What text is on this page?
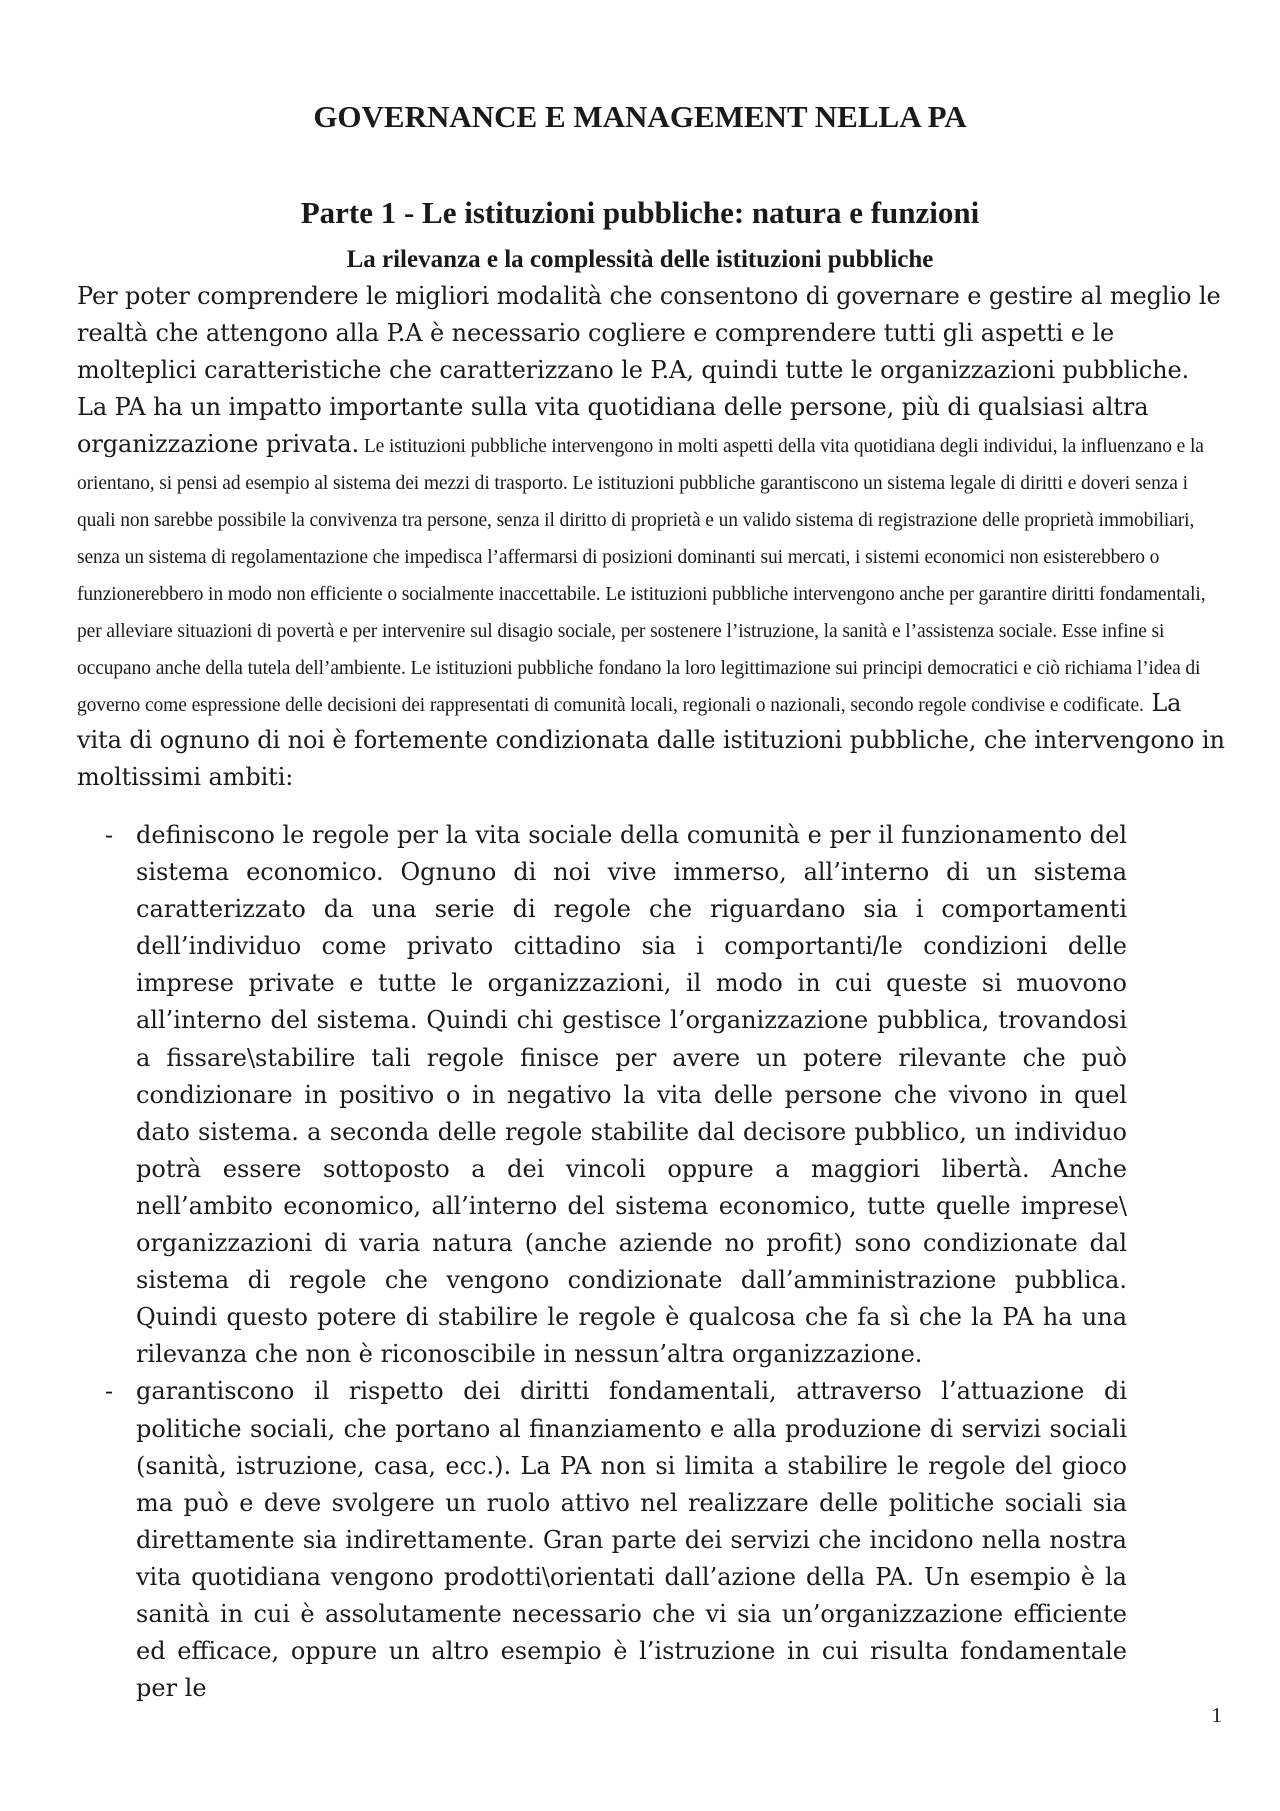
GOVERNANCE E MANAGEMENT NELLA PA
Parte 1 - Le istituzioni pubbliche: natura e funzioni
La rilevanza e la complessità delle istituzioni pubbliche

Per poter comprendere le migliori modalità che consentono di governare e gestire al meglio le realtà che attengono alla P.A è necessario cogliere e comprendere tutti gli aspetti e le molteplici caratteristiche che caratterizzano le P.A, quindi tutte le organizzazioni pubbliche. La PA ha un impatto importante sulla vita quotidiana delle persone, più di qualsiasi altra organizzazione privata. Le istituzioni pubbliche intervengono in molti aspetti della vita quotidiana degli individui, la influenzano e la orientano, si pensi ad esempio al sistema dei mezzi di trasporto. Le istituzioni pubbliche garantiscono un sistema legale di diritti e doveri senza i quali non sarebbe possibile la convivenza tra persone, senza il diritto di proprietà e un valido sistema di registrazione delle proprietà immobiliari, senza un sistema di regolamentazione che impedisca l’affermarsi di posizioni dominanti sui mercati, i sistemi economici non esisterebbero o funzionerebbero in modo non efficiente o socialmente inaccettabile. Le istituzioni pubbliche intervengono anche per garantire diritti fondamentali, per alleviare situazioni di povertà e per intervenire sul disagio sociale, per sostenere l’istruzione, la sanità e l’assistenza sociale. Esse infine si occupano anche della tutela dell’ambiente. Le istituzioni pubbliche fondano la loro legittimazione sui principi democratici e ciò richiama l’idea di governo come espressione delle decisioni dei rappresentati di comunità locali, regionali o nazionali, secondo regole condivise e codificate. La vita di ognuno di noi è fortemente condizionata dalle istituzioni pubbliche, che intervengono in moltissimi ambiti:

- definiscono le regole per la vita sociale della comunità e per il funzionamento del sistema economico. Ognuno di noi vive immerso, all’interno di un sistema caratterizzato da una serie di regole che riguardano sia i comportamenti dell’individuo come privato cittadino sia i comportanti/le condizioni delle imprese private e tutte le organizzazioni, il modo in cui queste si muovono all’interno del sistema. Quindi chi gestisce l’organizzazione pubblica, trovandosi a fissare\stabilire tali regole finisce per avere un potere rilevante che può condizionare in positivo o in negativo la vita delle persone che vivono in quel dato sistema. a seconda delle regole stabilite dal decisore pubblico, un individuo potrà essere sottoposto a dei vincoli oppure a maggiori libertà. Anche nell’ambito economico, all’interno del sistema economico, tutte quelle imprese\ organizzazioni di varia natura (anche aziende no profit) sono condizionate dal sistema di regole che vengono condizionate dall’amministrazione pubblica. Quindi questo potere di stabilire le regole è qualcosa che fa sì che la PA ha una rilevanza che non è riconoscibile in nessun’altra organizzazione.
- garantiscono il rispetto dei diritti fondamentali, attraverso l’attuazione di politiche sociali, che portano al finanziamento e alla produzione di servizi sociali (sanità, istruzione, casa, ecc.). La PA non si limita a stabilire le regole del gioco ma può e deve svolgere un ruolo attivo nel realizzare delle politiche sociali sia direttamente sia indirettamente. Gran parte dei servizi che incidono nella nostra vita quotidiana vengono prodotti\orientati dall’azione della PA. Un esempio è la sanità in cui è assolutamente necessario che vi sia un’organizzazione efficiente ed efficace, oppure un altro esempio è l’istruzione in cui risulta fondamentale per le
1
